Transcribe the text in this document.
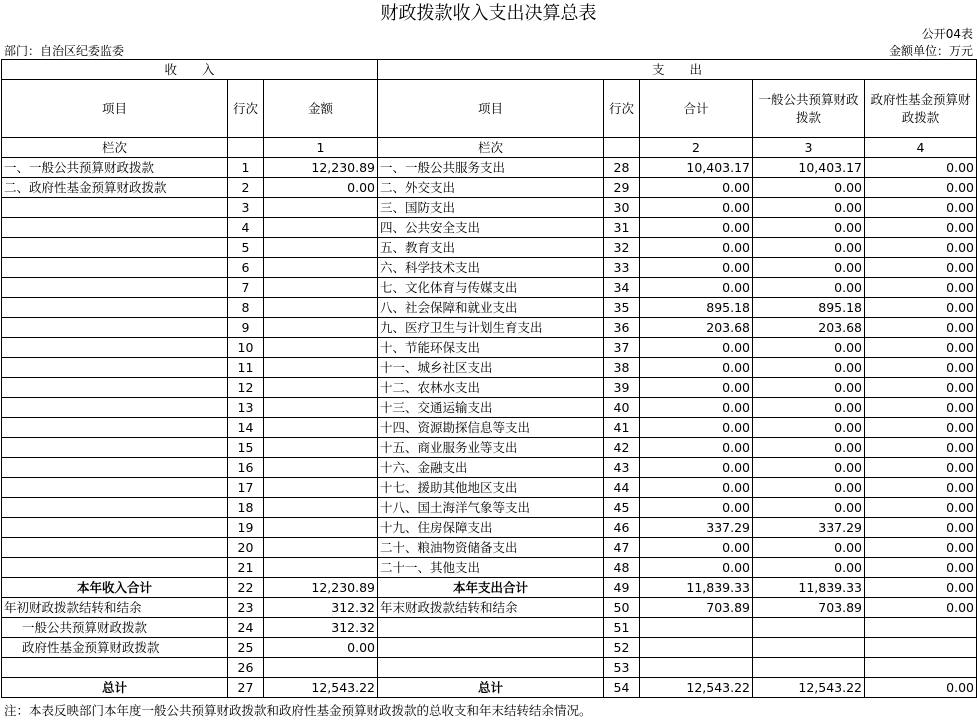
财政拨款收入支出决算总表
公开04表
部门：自治区纪委监委	金额单位：万元
收　　入			支　　出				
项目	行次	金额	项目	行次	合计	一般公共预算财政拨款	政府性基金预算财政拨款
栏次		1	栏次		2	3	4
一、一般公共预算财政拨款	1	12,230.89	一、一般公共服务支出	28	10,403.17	10,403.17	0.00
二、政府性基金预算财政拨款	2	0.00	二、外交支出	29	0.00	0.00	0.00
	3		三、国防支出	30	0.00	0.00	0.00
	4		四、公共安全支出	31	0.00	0.00	0.00
	5		五、教育支出	32	0.00	0.00	0.00
	6		六、科学技术支出	33	0.00	0.00	0.00
	7		七、文化体育与传媒支出	34	0.00	0.00	0.00
	8		八、社会保障和就业支出	35	895.18	895.18	0.00
	9		九、医疗卫生与计划生育支出	36	203.68	203.68	0.00
	10		十、节能环保支出	37	0.00	0.00	0.00
	11		十一、城乡社区支出	38	0.00	0.00	0.00
	12		十二、农林水支出	39	0.00	0.00	0.00
	13		十三、交通运输支出	40	0.00	0.00	0.00
	14		十四、资源勘探信息等支出	41	0.00	0.00	0.00
	15		十五、商业服务业等支出	42	0.00	0.00	0.00
	16		十六、金融支出	43	0.00	0.00	0.00
	17		十七、援助其他地区支出	44	0.00	0.00	0.00
	18		十八、国土海洋气象等支出	45	0.00	0.00	0.00
	19		十九、住房保障支出	46	337.29	337.29	0.00
	20		二十、粮油物资储备支出	47	0.00	0.00	0.00
	21		二十一、其他支出	48	0.00	0.00	0.00
本年收入合计	22	12,230.89	本年支出合计	49	11,839.33	11,839.33	0.00
年初财政拨款结转和结余	23	312.32	年末财政拨款结转和结余	50	703.89	703.89	0.00
一般公共预算财政拨款	24	312.32		51			
政府性基金预算财政拨款	25	0.00		52			
	26			53			
总计	27	12,543.22	总计	54	12,543.22	12,543.22	0.00
注：本表反映部门本年度一般公共预算财政拨款和政府性基金预算财政拨款的总收支和年末结转结余情况。
